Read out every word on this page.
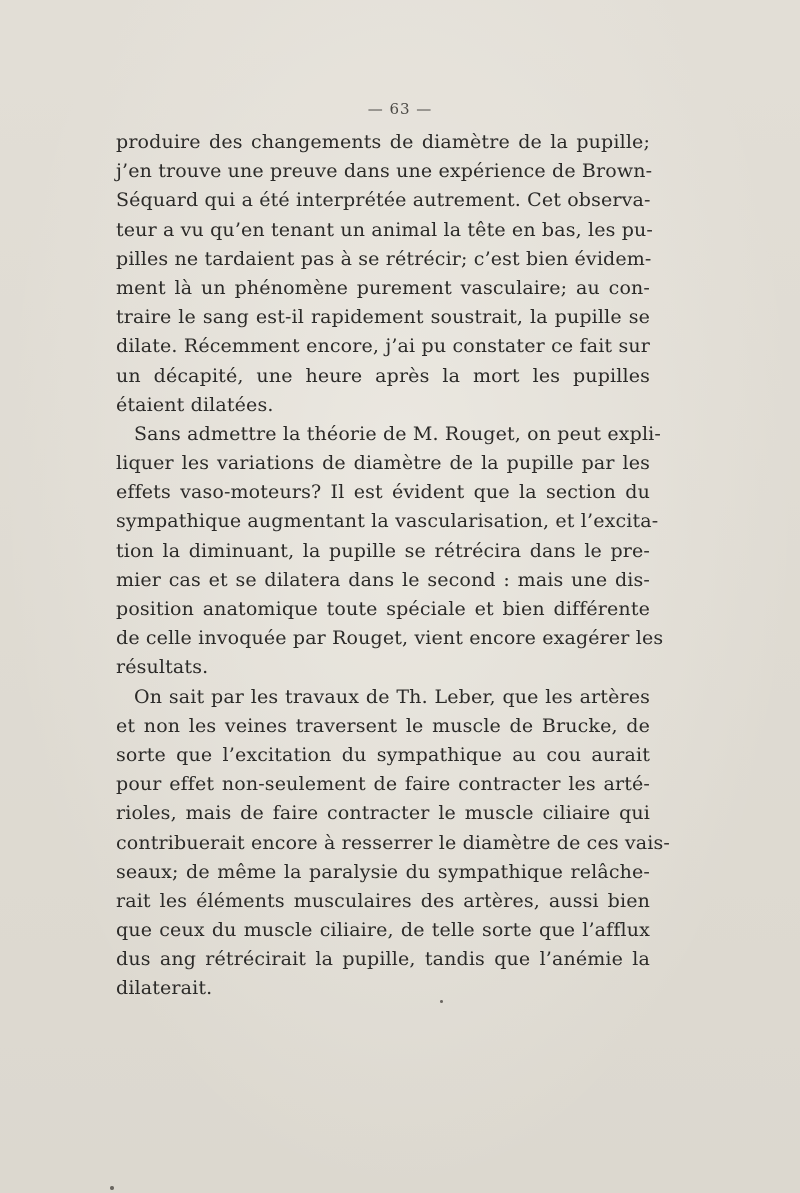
— 63 —
produire des changements de diamètre de la pupille;
j’en trouve une preuve dans une expérience de Brown-
Séquard qui a été interprétée autrement. Cet observa-
teur a vu qu’en tenant un animal la tête en bas, les pu-
pilles ne tardaient pas à se rétrécir; c’est bien évidem-
ment là un phénomène purement vasculaire; au con-
traire le sang est-il rapidement soustrait, la pupille se
dilate. Récemment encore, j’ai pu constater ce fait sur
un décapité, une heure après la mort les pupilles
étaient dilatées.
Sans admettre la théorie de M. Rouget, on peut expli-
liquer les variations de diamètre de la pupille par les
effets vaso-moteurs? Il est évident que la section du
sympathique augmentant la vascularisation, et l’excita-
tion la diminuant, la pupille se rétrécira dans le pre-
mier cas et se dilatera dans le second : mais une dis-
position anatomique toute spéciale et bien différente
de celle invoquée par Rouget, vient encore exagérer les
résultats.
On sait par les travaux de Th. Leber, que les artères
et non les veines traversent le muscle de Brucke, de
sorte que l’excitation du sympathique au cou aurait
pour effet non-seulement de faire contracter les arté-
rioles, mais de faire contracter le muscle ciliaire qui
contribuerait encore à resserrer le diamètre de ces vais-
seaux; de même la paralysie du sympathique relâche-
rait les éléments musculaires des artères, aussi bien
que ceux du muscle ciliaire, de telle sorte que l’afflux
dus ang rétrécirait la pupille, tandis que l’anémie la
dilaterait.
